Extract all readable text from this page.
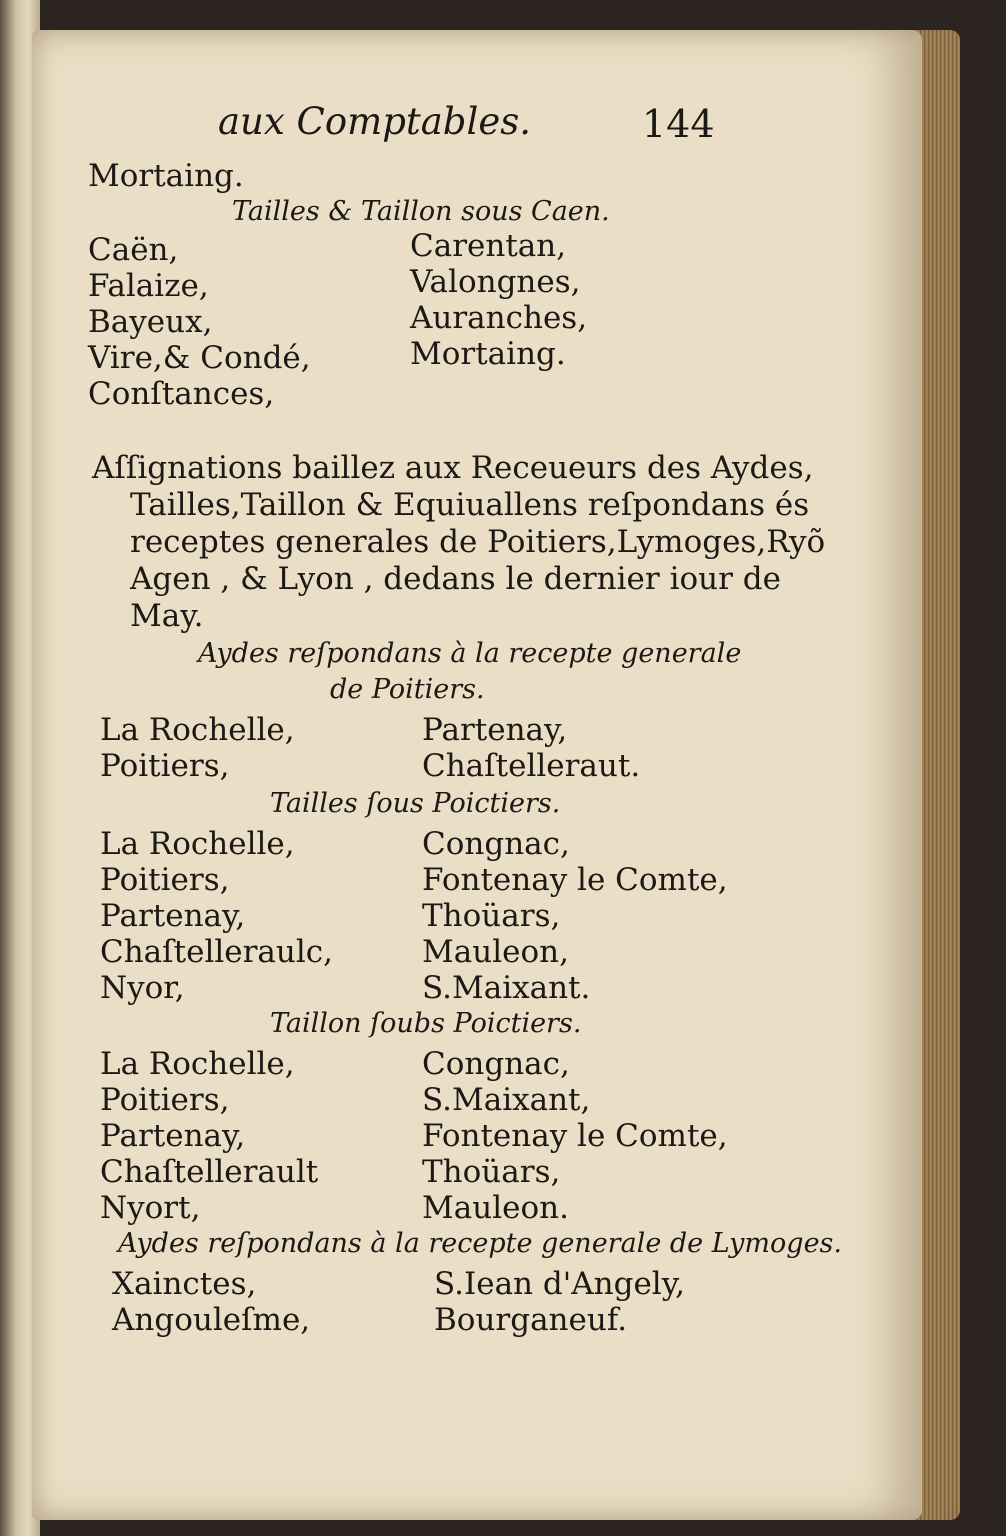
aux Comptables.	144
Mortaing.
Tailles & Taillon sous Caen.
Caën,
Falaize,
Bayeux,
Vire,& Condé,
Conſtances,
Carentan,
Valongnes,
Auranches,
Mortaing.
Aſſignations baillez aux Receueurs des Aydes,
Tailles,Taillon & Equiuallens reſpondans és
receptes generales de Poitiers,Lymoges,Ryõ
Agen , & Lyon , dedans le dernier iour de
May.
Aydes reſpondans à la recepte generale
de Poitiers.
La Rochelle,
Poitiers,
Partenay,
Chaſtelleraut.
Tailles ſous Poictiers.
La Rochelle,
Poitiers,
Partenay,
Chaſtelleraulc,
Nyor,
Congnac,
Fontenay le Comte,
Thoüars,
Mauleon,
S.Maixant.
Taillon ſoubs Poictiers.
La Rochelle,
Poitiers,
Partenay,
Chaſtellerault
Nyort,
Congnac,
S.Maixant,
Fontenay le Comte,
Thoüars,
Mauleon.
Aydes reſpondans à la recepte generale de Lymoges.
Xainctes,
Angouleſme,
S.Iean d'Angely,
Bourganeuf.
